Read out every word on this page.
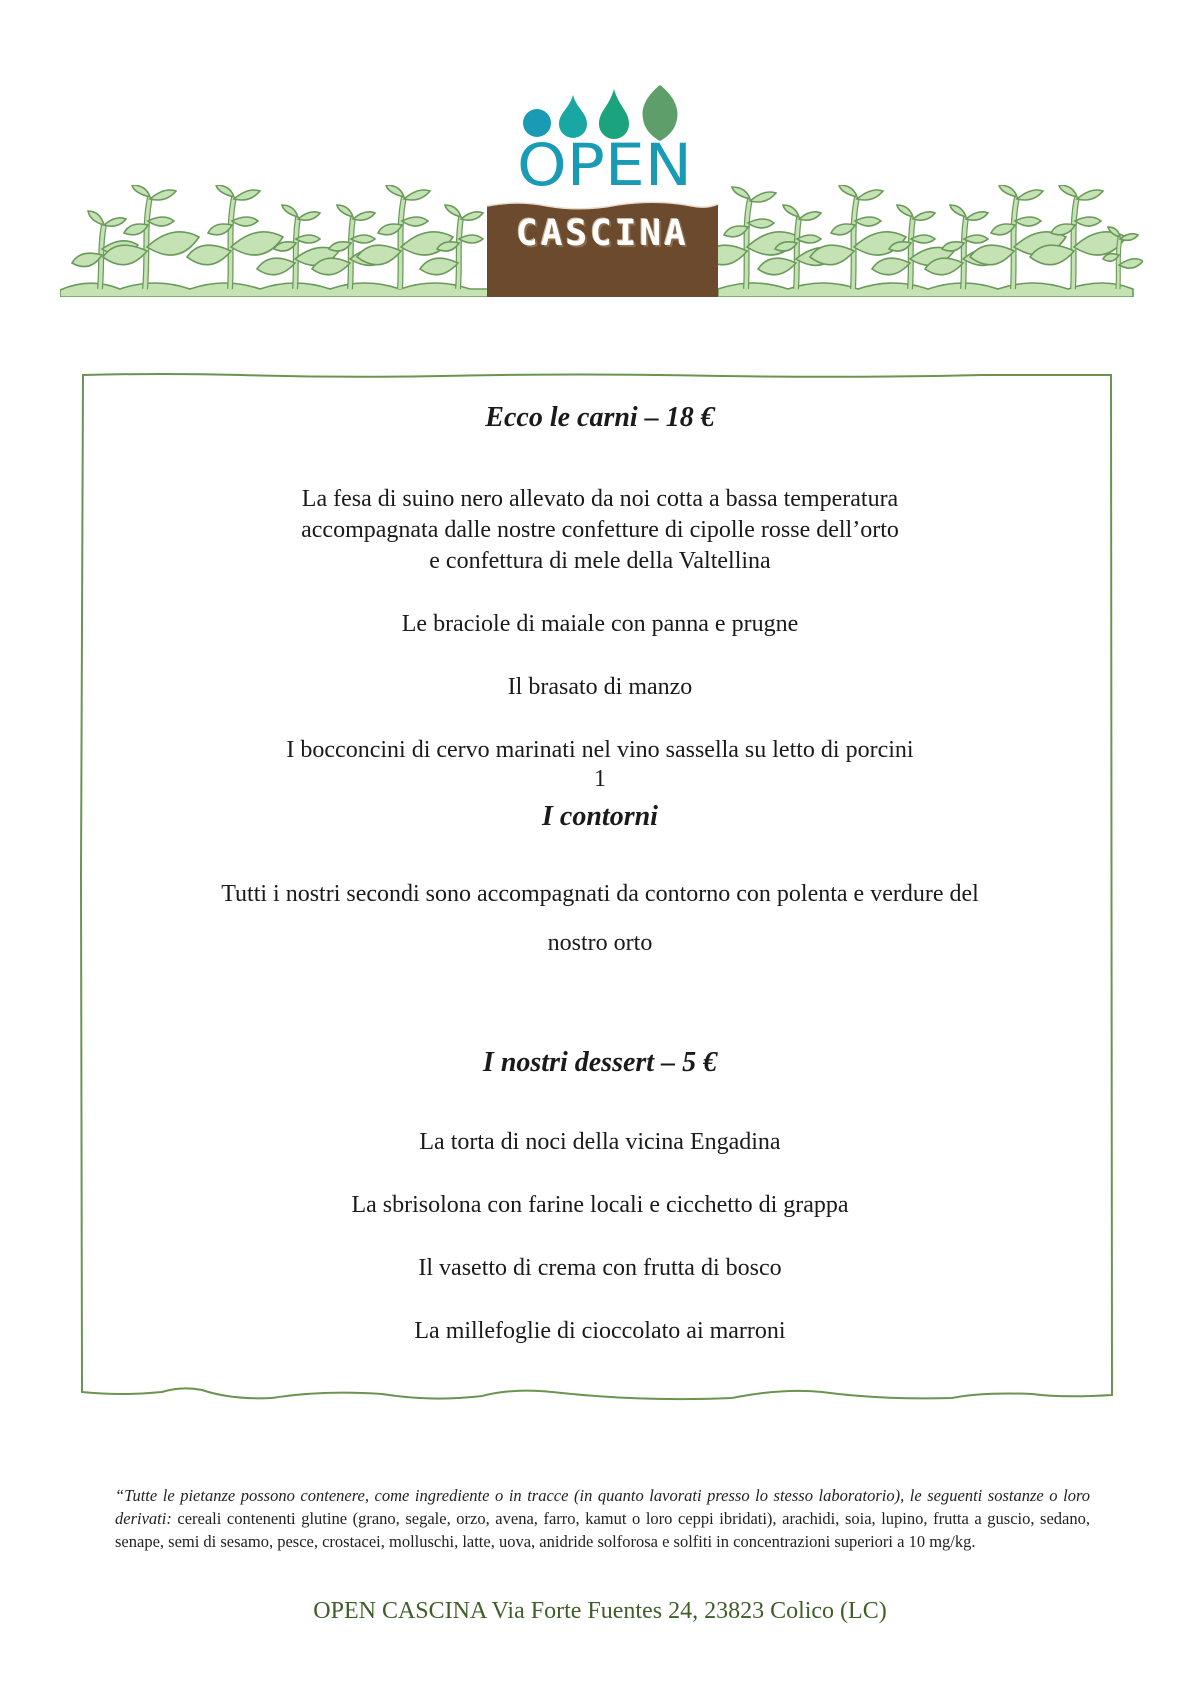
OPEN
CASCINA
Ecco le carni – 18 €
La fesa di suino nero allevato da noi cotta a bassa temperatura
accompagnata dalle nostre confetture di cipolle rosse dell’orto
e confettura di mele della Valtellina
Le braciole di maiale con panna e prugne
Il brasato di manzo
I bocconcini di cervo marinati nel vino sassella su letto di porcini
1
I contorni
Tutti i nostri secondi sono accompagnati da contorno con polenta e verdure del
nostro orto
I nostri dessert – 5 €
La torta di noci della vicina Engadina
La sbrisolona con farine locali e cicchetto di grappa
Il vasetto di crema con frutta di bosco
La millefoglie di cioccolato ai marroni
“Tutte le pietanze possono contenere, come ingrediente o in tracce (in quanto lavorati presso lo stesso laboratorio), le seguenti sostanze o loro derivati: cereali contenenti glutine (grano, segale, orzo, avena, farro, kamut o loro ceppi ibridati), arachidi, soia, lupino, frutta a guscio, sedano, senape, semi di sesamo, pesce, crostacei, molluschi, latte, uova, anidride solforosa e solfiti in concentrazioni superiori a 10 mg/kg.
OPEN CASCINA Via Forte Fuentes 24, 23823 Colico (LC)
